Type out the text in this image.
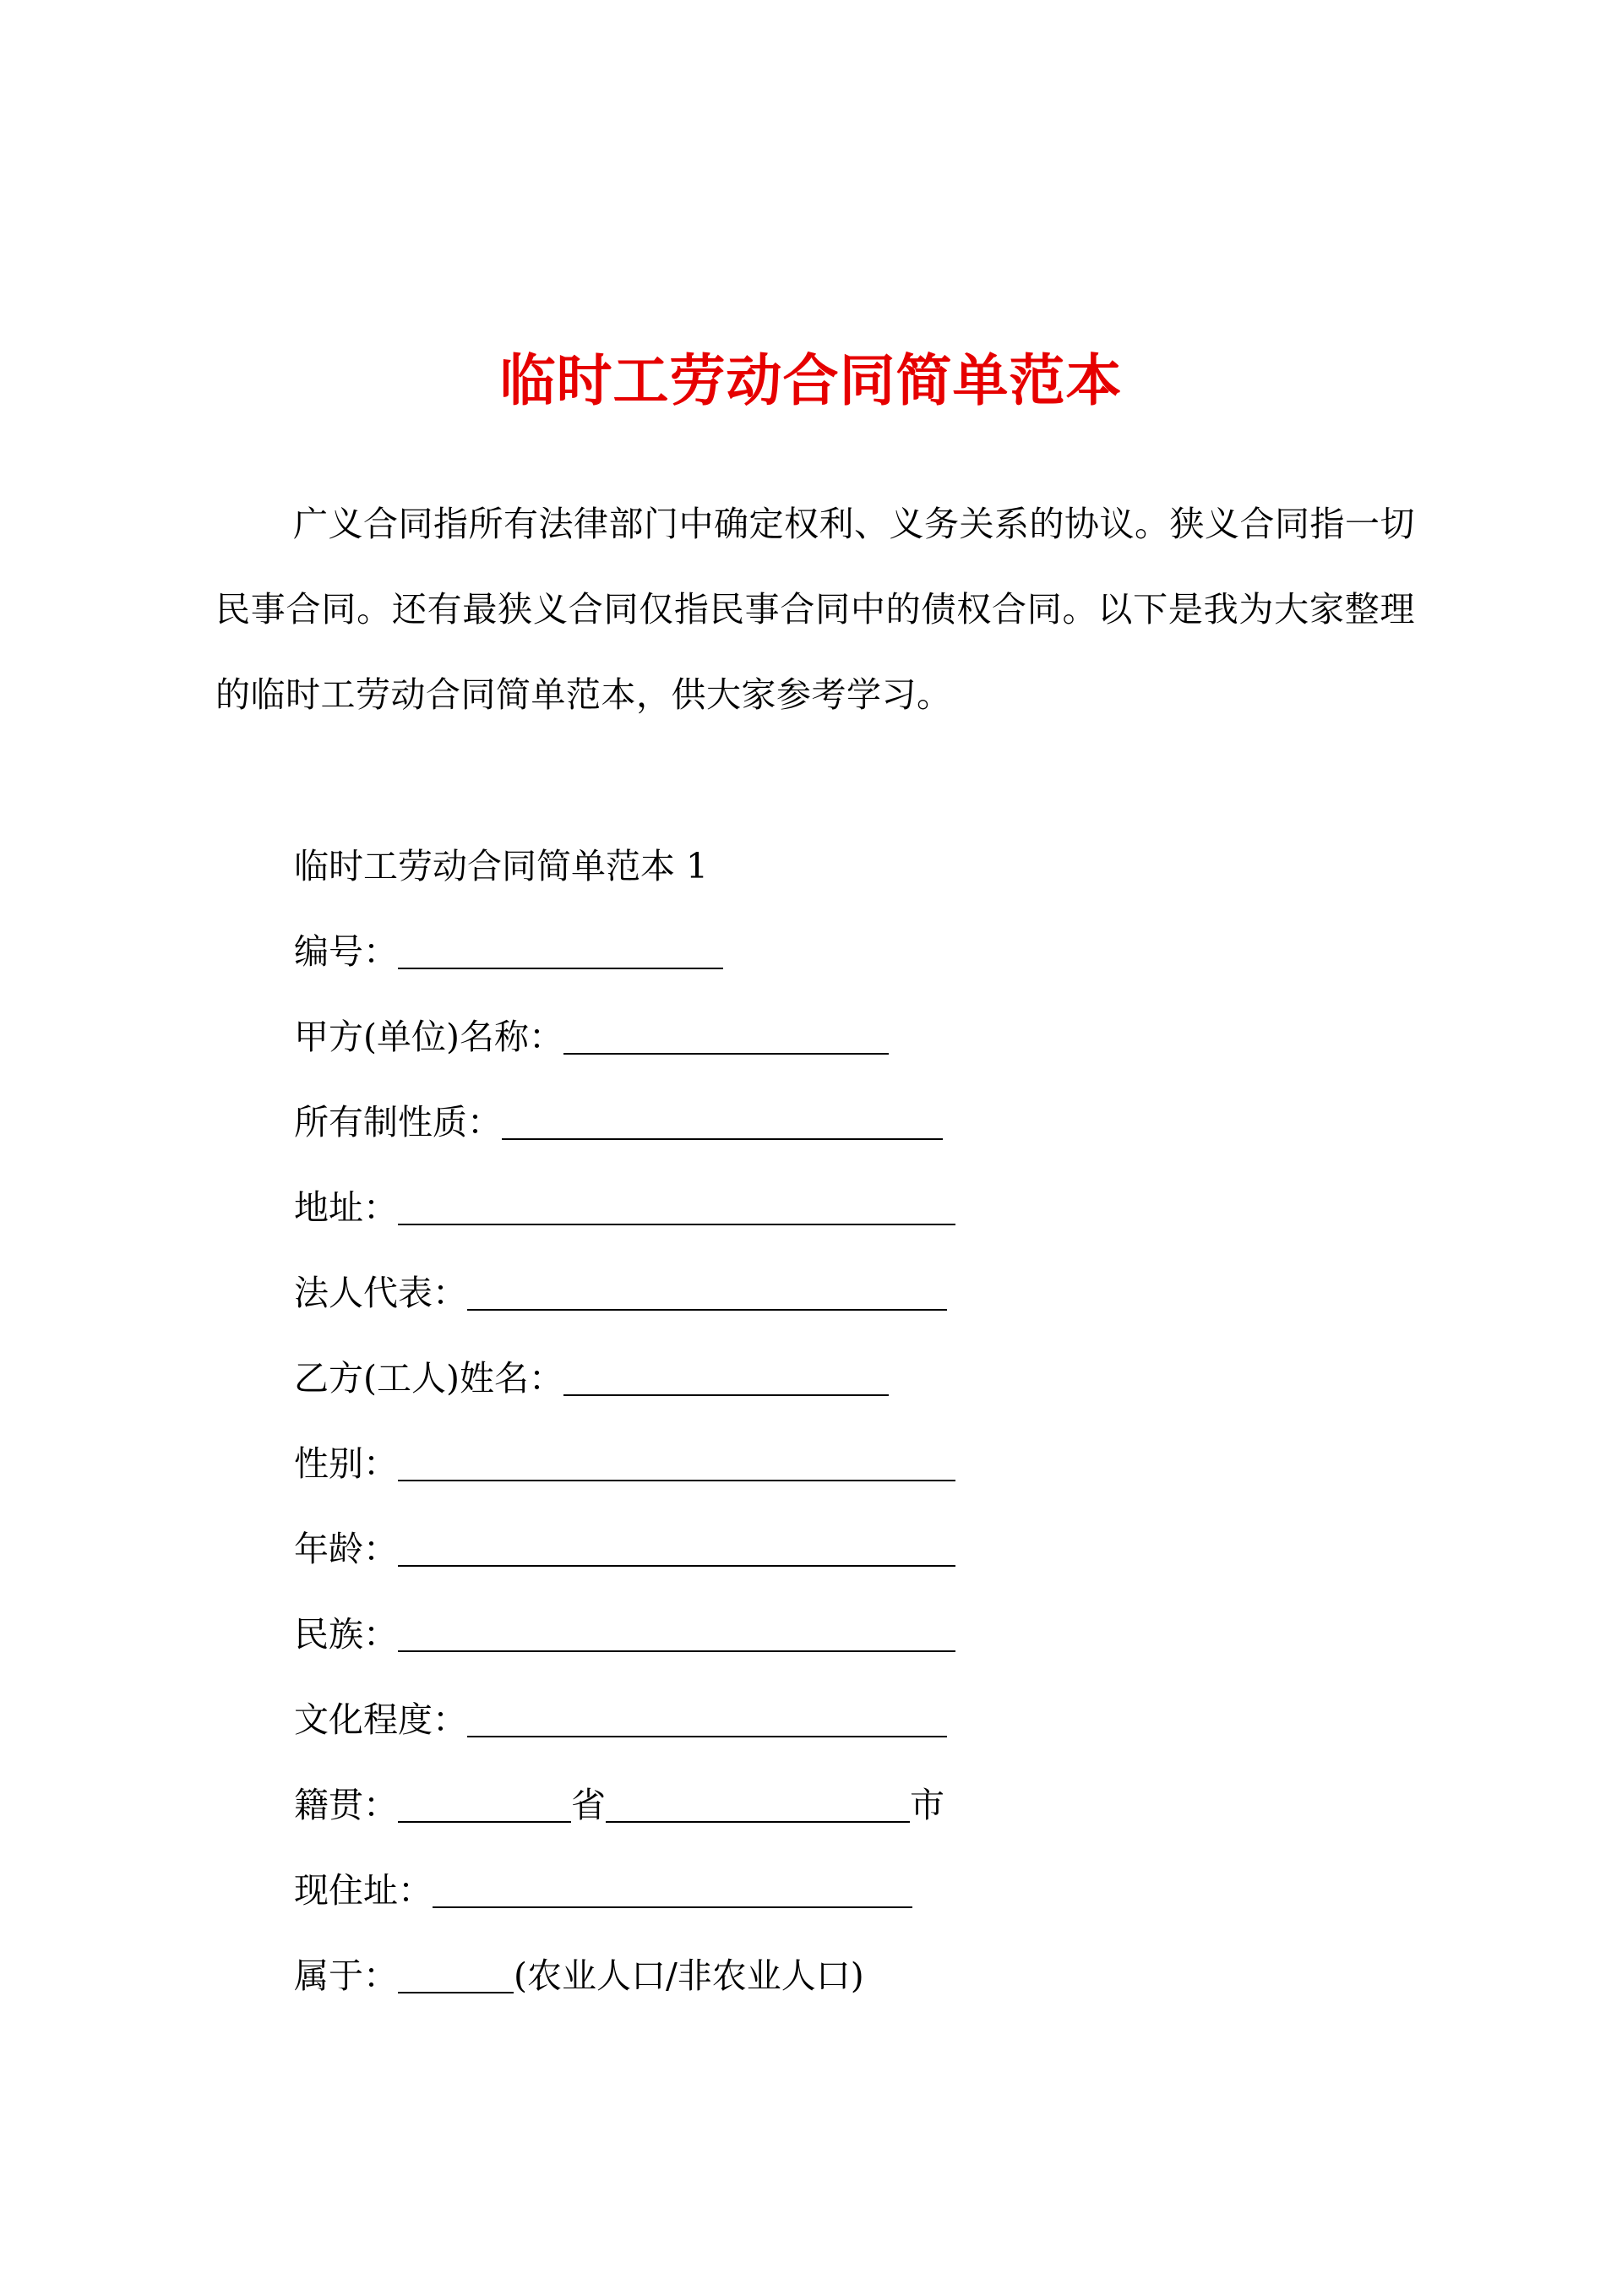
临时工劳动合同简单范本

广义合同指所有法律部门中确定权利、义务关系的协议。狭义合同指一切民事合同。还有最狭义合同仅指民事合同中的债权合同。以下是我为大家整理的临时工劳动合同简单范本，供大家参考学习。

临时工劳动合同简单范本 1
编号：
甲方(单位)名称：
所有制性质：
地址：
法人代表：
乙方(工人)姓名：
性别：
年龄：
民族：
文化程度：
籍贯：	省	市
现住址：
属于：	(农业人口/非农业人口)
